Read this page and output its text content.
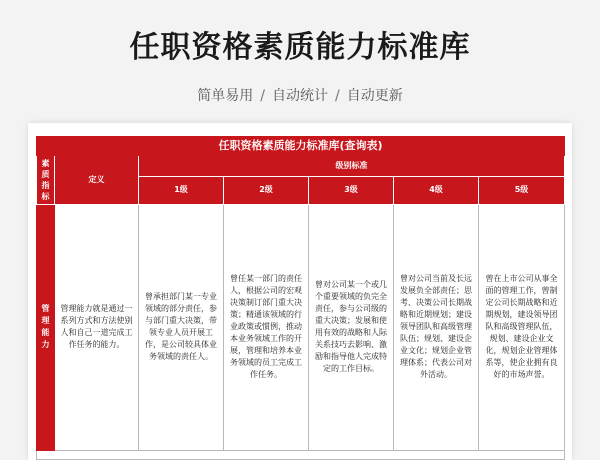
任职资格素质能力标准库
简单易用 / 自动统计 / 自动更新
任职资格素质能力标准库(查询表)						

素质指标	定义	级别标准				
		1级	2级	3级	4级	5级

管理能力	管理能力就是通过一系列方式和方法使别人和自己一道完成工作任务的能力。	曾承担部门某一专业领域的部分责任，参与部门重大决策，带领专业人员开展工作，是公司较具体业务领域的责任人。	曾任某一部门的责任人，根据公司的宏观决策制订部门重大决策；精通该领域的行业政策或惯例，推动本业务领域工作的开展，管理和培养本业务领域的员工完成工作任务。	曾对公司某一个或几个重要领域的负完全责任，参与公司级的重大决策；发展和使用有效的战略和人际关系技巧去影响、激励和指导他人完成特定的工作目标。	曾对公司当前及长远发展负全部责任；思考、决策公司长期战略和近期规划；建设领导团队和高级管理队伍；规划、建设企业文化；规划企业管理体系；代表公司对外活动。	曾在上市公司从事全面的管理工作，曾制定公司长期战略和近期规划，建设领导团队和高级管理队伍，规划、建设企业文化，规划企业管理体系等，使企业拥有良好的市场声誉。
